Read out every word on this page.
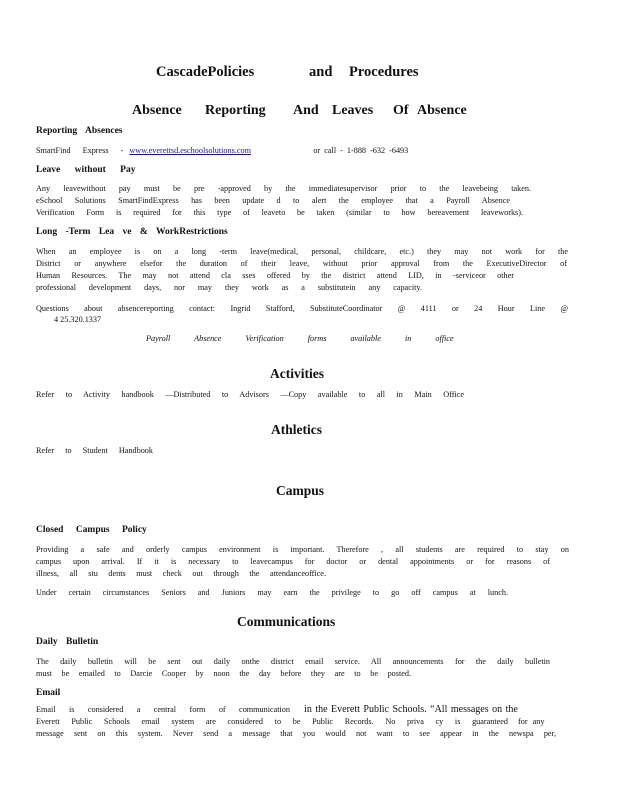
CascadePolicies	and Procedures
Absence Reporting And Leaves Of Absence
Reporting Absences
SmartFind Express - www.everettsd.eschoolsolutions.com	or call - 1-888 -632 -6493
Leave without Pay
Any leavewithout pay must be pre -approved by the immediatesupervisor prior to the leavebeing taken.
eSchool Solutions SmartFindExpress has been update d to alert the employee that a Payroll Absence
Verification Form is required for this type of leaveto be taken (similar to how bereavement leaveworks).
Long -Term Lea ve & WorkRestrictions
When an employee is on a long -term leave(medical, personal, childcare, etc.) they may not work for the
District or anywhere elsefor the duration of their leave, without prior approval from the ExecutiveDirector of
Human Resources. The may not attend cla sses offered by the district attend LID, in -serviceor other
professional development days, nor may they work as a substitutein any capacity.
Questions about absencereporting contact: Ingrid Stafford, SubstituteCoordinator @ 4111 or 24 Hour Line @
4 25.320.1337
Payroll Absence Verification forms available in office
Activities
Refer to Activity handbook —Distributed to Advisors —Copy available to all in Main Office
Athletics
Refer to Student Handbook
Campus
Closed Campus Policy
Providing a safe and orderly campus environment is important. Therefore , all students are required to stay on
campus upon arrival. If it is necessary to leavecampus for doctor or dental appointments or for reasons of
illness, all stu dents must check out through the attendanceoffice.
Under certain circumstances Seniors and Juniors may earn the privilege to go off campus at lunch.
Communications
Daily Bulletin
The daily bulletin will be sent out daily onthe district email service. All announcements for the daily bulletin
must be emailed to Darcie Cooper by noon the day before they are to be posted.
Email
Email is considered a central form of communication in the Everett Public Schools. “All messages on the
Everett Public Schools email system are considered to be Public Records. No priva cy is guaranteed for any
message sent on this system. Never send a message that you would not want to see appear in the newspa per,
